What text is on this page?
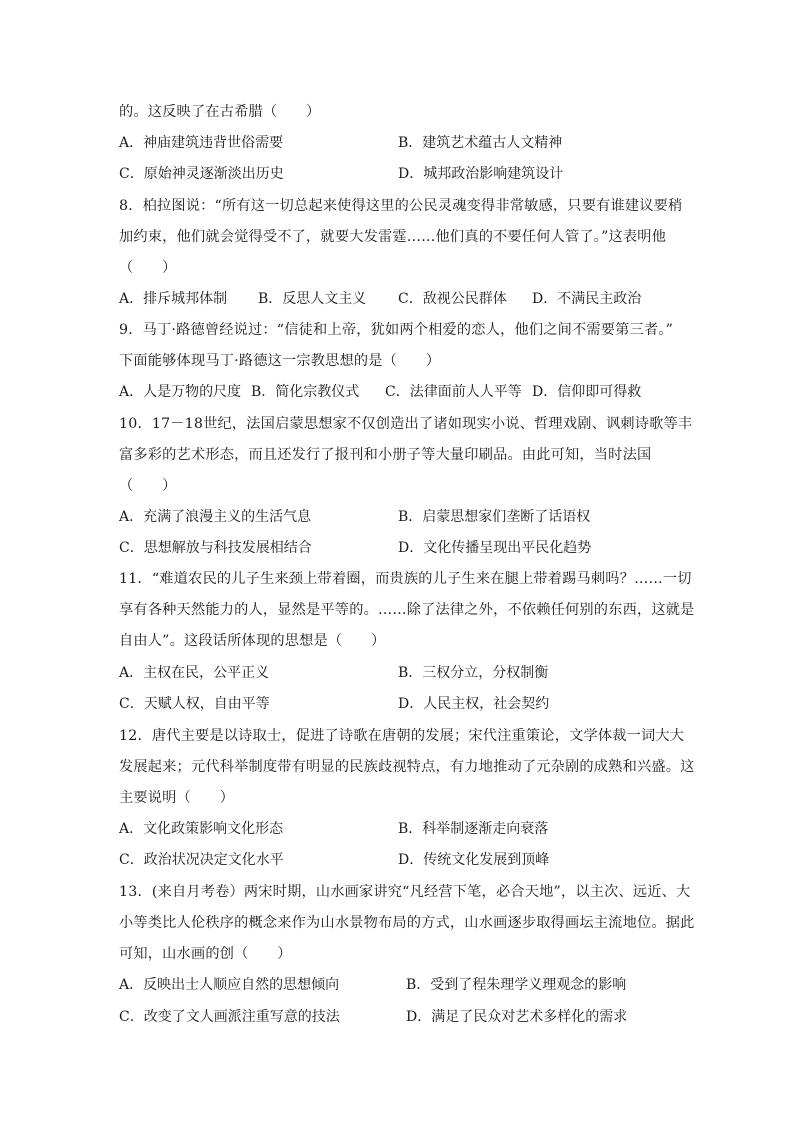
的。这反映了在古希腊（　　）
A．神庙建筑违背世俗需要	B．建筑艺术蕴古人文精神
C．原始神灵逐渐淡出历史	D．城邦政治影响建筑设计
8．柏拉图说：“所有这一切总起来使得这里的公民灵魂变得非常敏感，只要有谁建议要稍
加约束，他们就会觉得受不了，就要大发雷霆……他们真的不要任何人管了。”这表明他
（　　）
A．排斥城邦体制 B．反思人文主义 C．敌视公民群体 D．不满民主政治
9．马丁·路德曾经说过：“信徒和上帝，犹如两个相爱的恋人，他们之间不需要第三者。”
下面能够体现马丁·路德这一宗教思想的是（　　）
A．人是万物的尺度 B．简化宗教仪式 C．法律面前人人平等 D．信仰即可得救
10．17－18世纪，法国启蒙思想家不仅创造出了诸如现实小说、哲理戏剧、讽刺诗歌等丰
富多彩的艺术形态，而且还发行了报刊和小册子等大量印刷品。由此可知，当时法国
（　　）
A．充满了浪漫主义的生活气息	B．启蒙思想家们垄断了话语权
C．思想解放与科技发展相结合	D．文化传播呈现出平民化趋势
11．“难道农民的儿子生来颈上带着圈，而贵族的儿子生来在腿上带着踢马刺吗？……一切
享有各种天然能力的人，显然是平等的。……除了法律之外，不依赖任何别的东西，这就是
自由人”。这段话所体现的思想是（　　）
A．主权在民，公平正义	B．三权分立，分权制衡
C．天赋人权，自由平等	D．人民主权，社会契约
12．唐代主要是以诗取士，促进了诗歌在唐朝的发展；宋代注重策论，文学体裁一词大大
发展起来；元代科举制度带有明显的民族歧视特点，有力地推动了元杂剧的成熟和兴盛。这
主要说明（　　）
A．文化政策影响文化形态	B．科举制逐渐走向衰落
C．政治状况决定文化水平	D．传统文化发展到顶峰
13．(来自月考卷）两宋时期，山水画家讲究“凡经营下笔，必合天地”，以主次、远近、大
小等类比人伦秩序的概念来作为山水景物布局的方式，山水画逐步取得画坛主流地位。据此
可知，山水画的创（　　）
A．反映出士人顺应自然的思想倾向	B．受到了程朱理学义理观念的影响
C．改变了文人画派注重写意的技法	D．满足了民众对艺术多样化的需求
